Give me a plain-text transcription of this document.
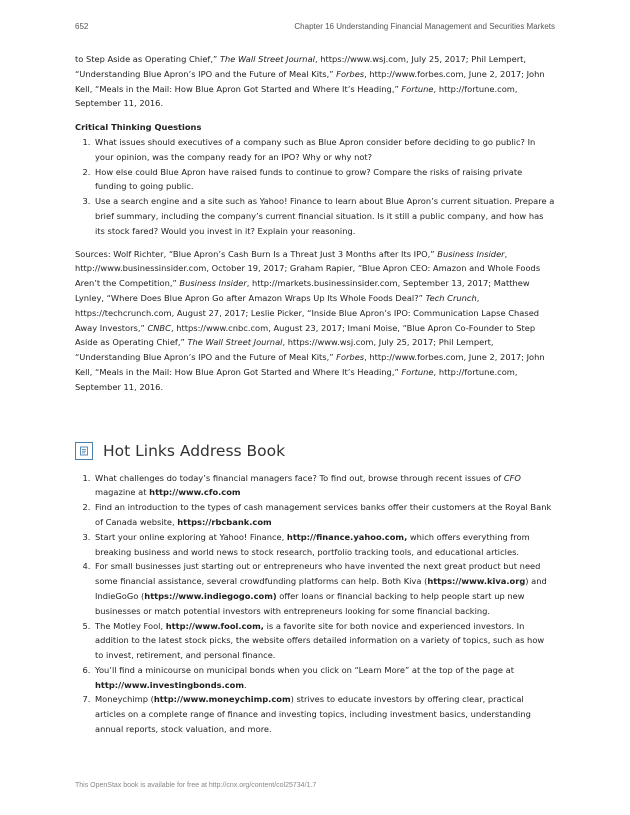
652	Chapter 16 Understanding Financial Management and Securities Markets

to Step Aside as Operating Chief,” The Wall Street Journal, https://www.wsj.com, July 25, 2017; Phil Lempert, “Understanding Blue Apron’s IPO and the Future of Meal Kits,” Forbes, http://www.forbes.com, June 2, 2017; John Kell, “Meals in the Mail: How Blue Apron Got Started and Where It’s Heading,” Fortune, http://fortune.com, September 11, 2016.

Critical Thinking Questions

1. What issues should executives of a company such as Blue Apron consider before deciding to go public? In your opinion, was the company ready for an IPO? Why or why not?
2. How else could Blue Apron have raised funds to continue to grow? Compare the risks of raising private funding to going public.
3. Use a search engine and a site such as Yahoo! Finance to learn about Blue Apron’s current situation. Prepare a brief summary, including the company’s current financial situation. Is it still a public company, and how has its stock fared? Would you invest in it? Explain your reasoning.

Sources: Wolf Richter, “Blue Apron’s Cash Burn Is a Threat Just 3 Months after Its IPO,” Business Insider, http://www.businessinsider.com, October 19, 2017; Graham Rapier, “Blue Apron CEO: Amazon and Whole Foods Aren’t the Competition,” Business Insider, http://markets.businessinsider.com, September 13, 2017; Matthew Lynley, “Where Does Blue Apron Go after Amazon Wraps Up Its Whole Foods Deal?” Tech Crunch, https://techcrunch.com, August 27, 2017; Leslie Picker, “Inside Blue Apron’s IPO: Communication Lapse Chased Away Investors,” CNBC, https://www.cnbc.com, August 23, 2017; Imani Moise, “Blue Apron Co-Founder to Step Aside as Operating Chief,” The Wall Street Journal, https://www.wsj.com, July 25, 2017; Phil Lempert, “Understanding Blue Apron’s IPO and the Future of Meal Kits,” Forbes, http://www.forbes.com, June 2, 2017; John Kell, “Meals in the Mail: How Blue Apron Got Started and Where It’s Heading,” Fortune, http://fortune.com, September 11, 2016.

Hot Links Address Book
1. What challenges do today’s financial managers face? To find out, browse through recent issues of CFO magazine at http://www.cfo.com
2. Find an introduction to the types of cash management services banks offer their customers at the Royal Bank of Canada website, https://rbcbank.com
3. Start your online exploring at Yahoo! Finance, http://finance.yahoo.com, which offers everything from breaking business and world news to stock research, portfolio tracking tools, and educational articles.
4. For small businesses just starting out or entrepreneurs who have invented the next great product but need some financial assistance, several crowdfunding platforms can help. Both Kiva (https://www.kiva.org) and IndieGoGo (https://www.indiegogo.com) offer loans or financial backing to help people start up new businesses or match potential investors with entrepreneurs looking for some financial backing.
5. The Motley Fool, http://www.fool.com, is a favorite site for both novice and experienced investors. In addition to the latest stock picks, the website offers detailed information on a variety of topics, such as how to invest, retirement, and personal finance.
6. You’ll find a minicourse on municipal bonds when you click on “Learn More” at the top of the page at http://www.investingbonds.com.
7. Moneychimp (http://www.moneychimp.com) strives to educate investors by offering clear, practical articles on a complete range of finance and investing topics, including investment basics, understanding annual reports, stock valuation, and more.
This OpenStax book is available for free at http://cnx.org/content/col25734/1.7
